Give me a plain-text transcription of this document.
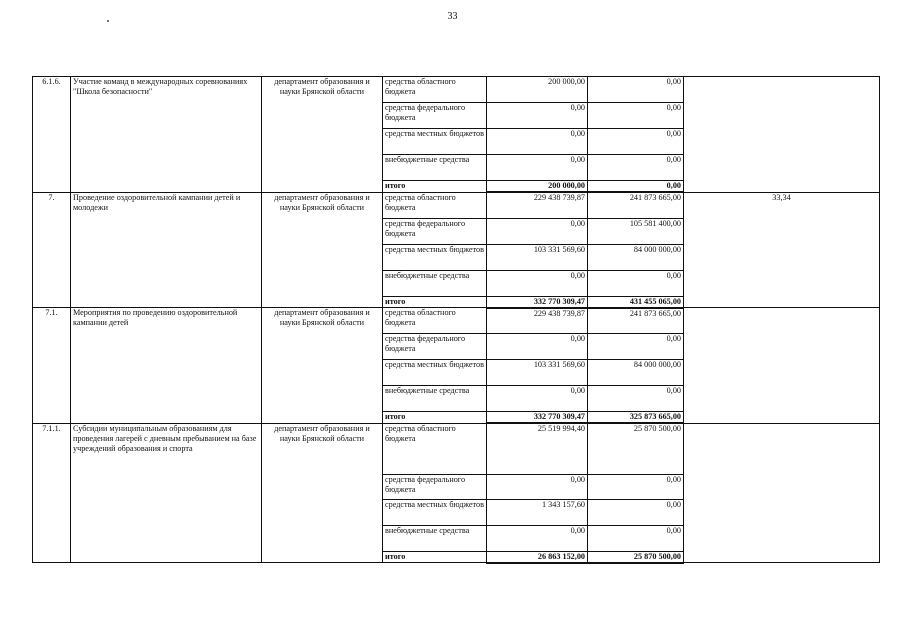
33
6.1.6.	Участие команд в международных соревнованиях "Школа безопасности"	департамент образования и науки Брянской области	средства областного бюджета	200 000,00	0,00	
			средства федерального бюджета	0,00	0,00	
			средства местных бюджетов	0,00	0,00	
			внебюджетные средства	0,00	0,00	
			итого	200 000,00	0,00	
7.	Проведение оздоровительной кампании детей и молодежи	департамент образования и науки Брянской области	средства областного бюджета	229 438 739,87	241 873 665,00	33,34
			средства федерального бюджета	0,00	105 581 400,00	
			средства местных бюджетов	103 331 569,60	84 000 000,00	
			внебюджетные средства	0,00	0,00	
			итого	332 770 309,47	431 455 065,00	
7.1.	Мероприятия по проведению оздоровительной кампании детей	департамент образования и науки Брянской области	средства областного бюджета	229 438 739,87	241 873 665,00	
			средства федерального бюджета	0,00	0,00	
			средства местных бюджетов	103 331 569,60	84 000 000,00	
			внебюджетные средства	0,00	0,00	
			итого	332 770 309,47	325 873 665,00	
7.1.1.	Субсидии муниципальным образованиям для проведения лагерей с дневным пребыванием на базе учреждений образования и спорта	департамент образования и науки Брянской области	средства областного бюджета	25 519 994,40	25 870 500,00	
			средства федерального бюджета	0,00	0,00	
			средства местных бюджетов	1 343 157,60	0,00	
			внебюджетные средства	0,00	0,00	
			итого	26 863 152,00	25 870 500,00	
